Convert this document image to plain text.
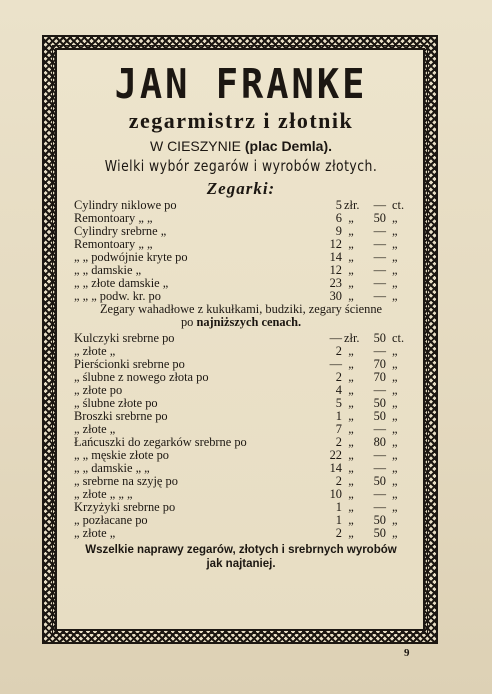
JAN FRANKE
zegarmistrz i złotnik
W CIESZYNIE (plac Demla).
Wielki wybór zegarów i wyrobów złotych.
Zegarki:
Cylindry niklowe po	5 złr.	— ct.
Remontoary „ „	6 „	50 „
Cylindry srebrne „	9 „	— „
Remontoary „ „	12 „	— „
„ „ podwójnie kryte po	14 „	— „
„ „ damskie „	12 „	— „
„ „ złote damskie „	23 „	— „
„ „ „ podw. kr. po	30 „	— „
Zegary wahadłowe z kukułkami, budziki, zegary ścienne
po najniższych cenach.
Kulczyki srebrne po	— złr.	50 ct.
„ złote „	2 „	— „
Pierścionki srebrne po	— „	70 „
„ ślubne z nowego złota po	2 „	70 „
„ złote po	4 „	— „
„ ślubne złote po	5 „	50 „
Broszki srebrne po	1 „	50 „
„ złote „	7 „	— „
Łańcuszki do zegarków srebrne po	2 „	80 „
„ „ męskie złote po	22 „	— „
„ „ damskie „ „	14 „	— „
„ srebrne na szyję po	2 „	50 „
„ złote „ „ „	10 „	— „
Krzyżyki srebrne po	1 „	— „
„ pozłacane po	1 „	50 „
„ złote „	2 „	50 „
Wszelkie naprawy zegarów, złotych i srebrnych wyrobów
jak najtaniej.
9
